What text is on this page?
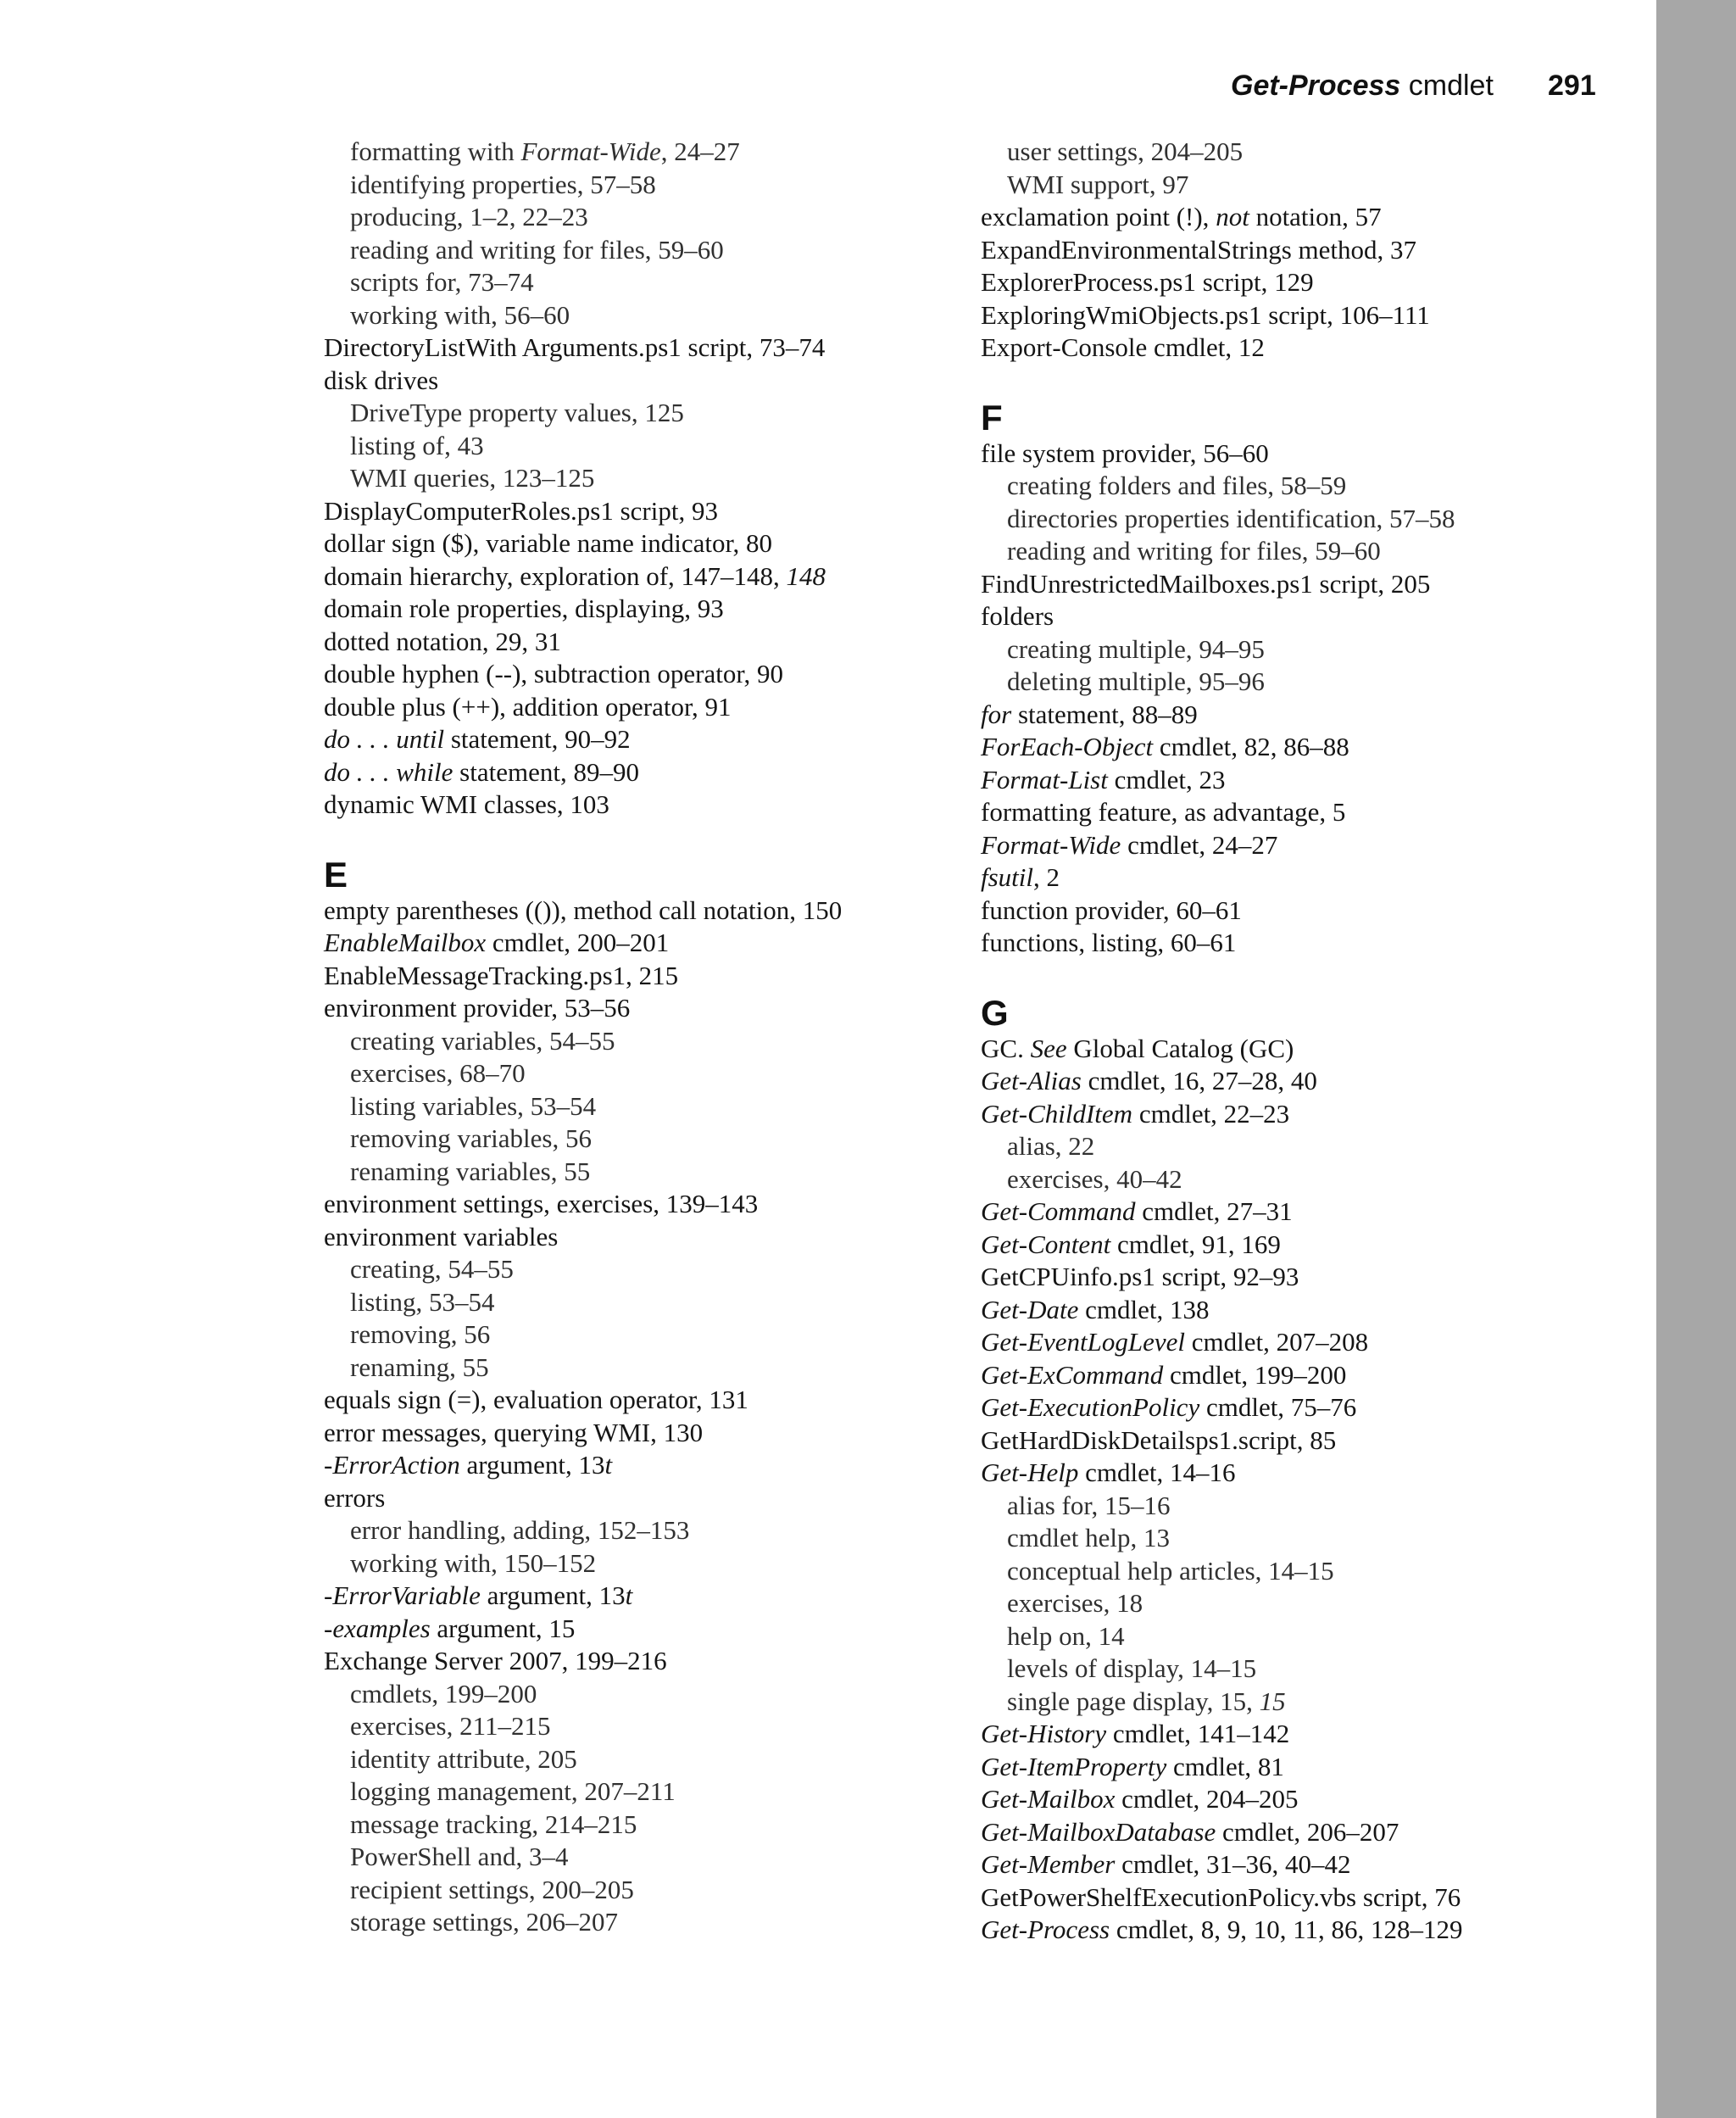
Get-Process cmdlet 291
formatting with Format-Wide, 24–27
identifying properties, 57–58
producing, 1–2, 22–23
reading and writing for files, 59–60
scripts for, 73–74
working with, 56–60
DirectoryListWith Arguments.ps1 script, 73–74
disk drives
DriveType property values, 125
listing of, 43
WMI queries, 123–125
DisplayComputerRoles.ps1 script, 93
dollar sign ($), variable name indicator, 80
domain hierarchy, exploration of, 147–148, 148
domain role properties, displaying, 93
dotted notation, 29, 31
double hyphen (--), subtraction operator, 90
double plus (++), addition operator, 91
do . . . until statement, 90–92
do . . . while statement, 89–90
dynamic WMI classes, 103
E
empty parentheses (()), method call notation, 150
EnableMailbox cmdlet, 200–201
EnableMessageTracking.ps1, 215
environment provider, 53–56
creating variables, 54–55
exercises, 68–70
listing variables, 53–54
removing variables, 56
renaming variables, 55
environment settings, exercises, 139–143
environment variables
creating, 54–55
listing, 53–54
removing, 56
renaming, 55
equals sign (=), evaluation operator, 131
error messages, querying WMI, 130
-ErrorAction argument, 13t
errors
error handling, adding, 152–153
working with, 150–152
-ErrorVariable argument, 13t
-examples argument, 15
Exchange Server 2007, 199–216
cmdlets, 199–200
exercises, 211–215
identity attribute, 205
logging management, 207–211
message tracking, 214–215
PowerShell and, 3–4
recipient settings, 200–205
storage settings, 206–207
user settings, 204–205
WMI support, 97
exclamation point (!), not notation, 57
ExpandEnvironmentalStrings method, 37
ExplorerProcess.ps1 script, 129
ExploringWmiObjects.ps1 script, 106–111
Export-Console cmdlet, 12
F
file system provider, 56–60
creating folders and files, 58–59
directories properties identification, 57–58
reading and writing for files, 59–60
FindUnrestrictedMailboxes.ps1 script, 205
folders
creating multiple, 94–95
deleting multiple, 95–96
for statement, 88–89
ForEach-Object cmdlet, 82, 86–88
Format-List cmdlet, 23
formatting feature, as advantage, 5
Format-Wide cmdlet, 24–27
fsutil, 2
function provider, 60–61
functions, listing, 60–61
G
GC. See Global Catalog (GC)
Get-Alias cmdlet, 16, 27–28, 40
Get-ChildItem cmdlet, 22–23
alias, 22
exercises, 40–42
Get-Command cmdlet, 27–31
Get-Content cmdlet, 91, 169
GetCPUinfo.ps1 script, 92–93
Get-Date cmdlet, 138
Get-EventLogLevel cmdlet, 207–208
Get-ExCommand cmdlet, 199–200
Get-ExecutionPolicy cmdlet, 75–76
GetHardDiskDetailsps1.script, 85
Get-Help cmdlet, 14–16
alias for, 15–16
cmdlet help, 13
conceptual help articles, 14–15
exercises, 18
help on, 14
levels of display, 14–15
single page display, 15, 15
Get-History cmdlet, 141–142
Get-ItemProperty cmdlet, 81
Get-Mailbox cmdlet, 204–205
Get-MailboxDatabase cmdlet, 206–207
Get-Member cmdlet, 31–36, 40–42
GetPowerShelfExecutionPolicy.vbs script, 76
Get-Process cmdlet, 8, 9, 10, 11, 86, 128–129
